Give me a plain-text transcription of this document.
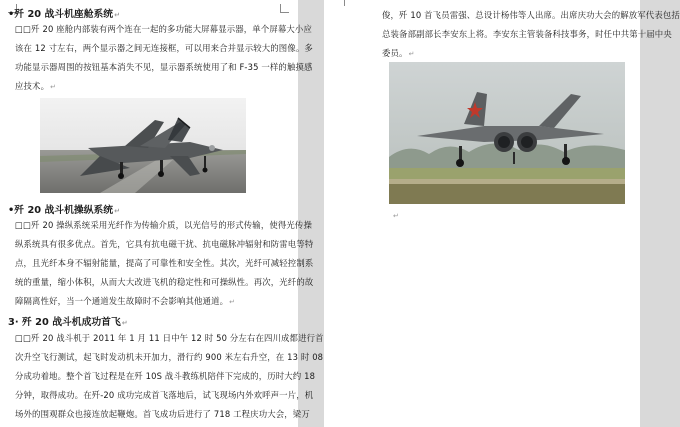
•歼 20 战斗机座舱系统↵
□□歼 20 座舱内部装有两个连在一起的多功能大屏幕显示器，单个屏幕大小应
该在 12 寸左右，两个显示器之间无连接框，可以用来合并显示较大的图像。多
功能显示器周围的按钮基本消失不见，显示器系统使用了和 F-35 一样的触摸感
应技术。↵
•歼 20 战斗机操纵系统↵
□□歼 20 操纵系统采用光纤作为传输介质，以光信号的形式传输，使得光传操
纵系统具有很多优点。首先，它具有抗电磁干扰、抗电磁脉冲辐射和防雷电等特
点，且光纤本身不辐射能量，提高了可靠性和安全性。其次，光纤可减轻控制系
统的重量，缩小体积，从而大大改进飞机的稳定性和可操纵性。再次，光纤的故
障隔离性好，当一个通道发生故障时不会影响其他通道。↵
3· 歼 20 战斗机成功首飞↵
□□歼 20 战斗机于 2011 年 1 月 11 日中午 12 时 50 分左右在四川成都进行首
次升空飞行测试，起飞时发动机未开加力，滑行约 900 米左右升空，在 13 时 08
分成功着地。整个首飞过程是在歼 10S 战斗教练机陪伴下完成的，历时大约 18
分钟，取得成功。在歼-20 成功完成首飞落地后，试飞现场内外欢呼声一片，机
场外的围观群众也接连放起鞭炮。首飞成功后进行了 718 工程庆功大会，梁万
俊，歼 10 首飞员雷强、总设计杨伟等人出席。出席庆功大会的解放军代表包括
总装备部副部长李安东上将。李安东主管装备科技事务，时任中共第十届中央
委员。↵
↵
